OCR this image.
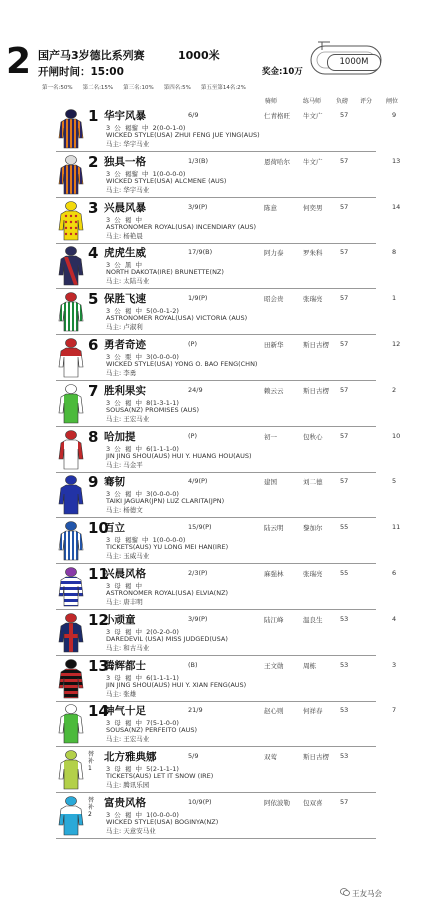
2 国产马3岁德比系列赛	1000米
开闸时间：15:00	奖金:10万
1000M
第一名:50% 第二名:15% 第三名:10% 第四名:5% 第五至第14名:2%
骑师	练马师 负磅 评分 闸位
1 华宇风暴	6/9	仁青格旺	牛文广	57	9
3  公  褐骝  中  2(0-0-1-0)
WICKED STYLE(USA) ZHUI FENG JUE YING(AUS)
马主: 华宇马业
2 独具一格	1/3(B)	恩荷哈尔	牛文广	57	13
3  公  褐骝  中  1(0-0-0-0)
WICKED STYLE(USA) ALCMENE (AUS)
马主: 华宇马业
3 兴晨风暴	3/9(P)	陈意	何奕男	57	14
3  公  褐  中
ASTRONOMER ROYAL(USA) INCENDIARY (AUS)
马主: 杨艳晨
4 虎虎生威	17/9(B)	阿力泰	罗朱科	57	8
3  公  黑  中
NORTH DAKOTA(IRE) BRUNETTE(NZ)
马主: 太陆马业
5 保胜飞速	1/9(P)	昭会贵	张瑞亮	57	1
3  公  褐  中  5(0-0-1-2)
ASTRONOMER ROYAL(USA) VICTORIA (AUS)
马主: 卢淑利
6 勇者奇迹	(P)	田新华	斯日古楞	57	12
3  公  栗  中  3(0-0-0-0)
WICKED STYLE(USA) YONG O. BAO FENG(CHN)
马主: 李勇
7 胜利果实	24/9	赖云云	斯日古楞	57	2
3  公  褐  中  8(1-3-1-1)
SOUSA(NZ) PROMISES (AUS)
马主: 王宏马业
8 哈加提	(P)	初一	包秋心	57	10
3  公  褐  中  6(1-1-1-0)
JIN JING SHOU(AUS) HUI Y. HUANG HOU(AUS)
马主: 马金平
9 骞韧	4/9(P)	建国	刘二德	57	5
3  公  褐  中  3(0-0-0-0)
TAIKI JAGUAR(JPN) LUZ CLARITA(JPN)
马主: 杨德文
10
百立	15/9(P)	陆云明	黎加尔	55	11
3  母  褐骝  中  1(0-0-0-0)
TICKETS(AUS) YU LONG MEI HAN(IRE)
马主: 玉威马业
11
兴晨风格	2/3(P)	麻强林	张瑞亮	55	6
3  母  褐  中
ASTRONOMER ROYAL(USA) ELVIA(NZ)
马主: 唐丰明
12
小顽童	3/9(P)	陆江峰	温良生	53	4
3  母  褐  中  2(0-2-0-0)
DAREDEVIL (USA) MISS JUDGED(USA)
马主: 和古马业
13
腾辉都士	(B)	王文勋	周栋	53	3
3  母  褐  中  6(1-1-1-1)
JIN JING SHOU(AUS) HUI Y. XIAN FENG(AUS)
马主: 张雄
14
神气十足	21/9	赵心则	何祥春	53	7
3  母  褐  中  7(5-1-0-0)
SOUSA(NZ) PERFEITO (AUS)
马主: 王宏马业
替补1
北方雅典娜	5/9	双莺	斯日古楞	53
3  母  褐  中  5(2-1-1-1)
TICKETS(AUS) LET IT SNOW (IRE)
马主: 腾讯乐园
替补2
富贵风格	10/9(P)	阿依波勒	包双喜	57
3  公  褐  中  1(0-0-0-0)
WICKED STYLE(USA) BOGINYA(NZ)
马主: 天意安马业
王友马会
